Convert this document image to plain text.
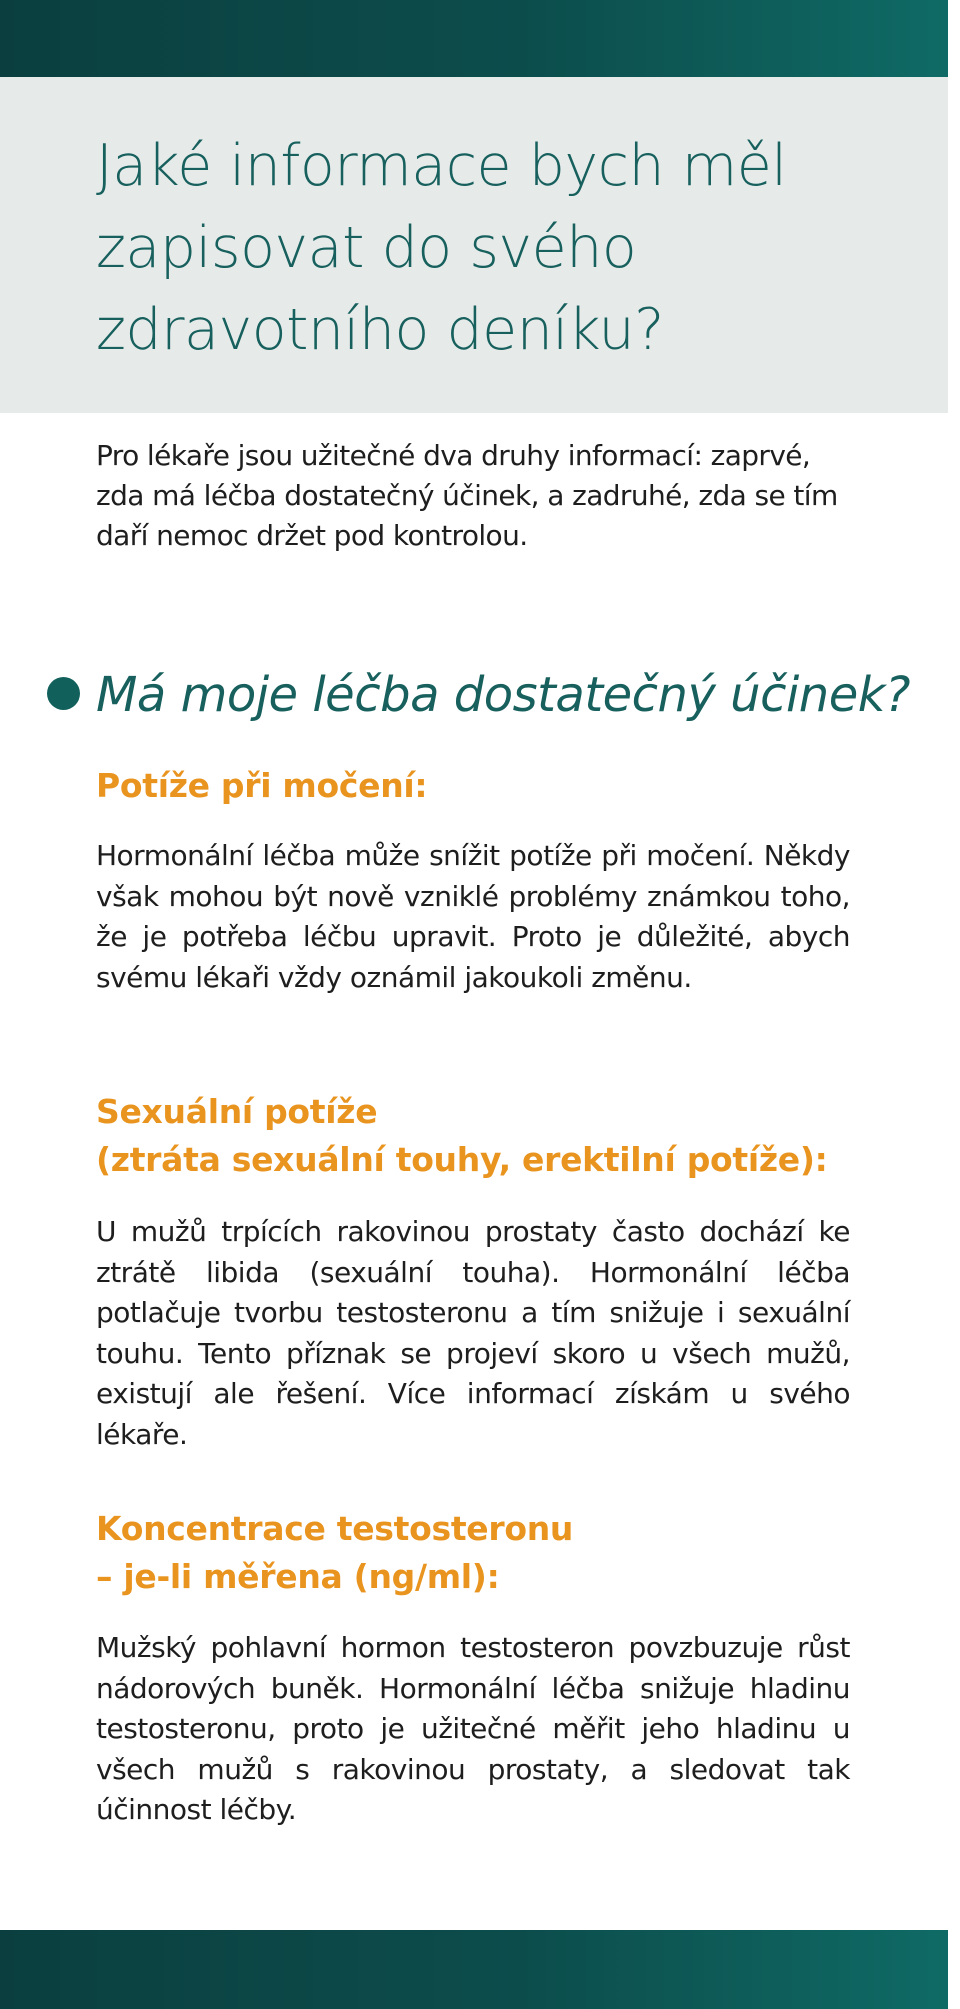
Jaké informace bych měl zapisovat do svého zdravotního deníku?

Pro lékaře jsou užitečné dva druhy informací: zaprvé, zda má léčba dostatečný účinek, a zadruhé, zda se tím daří nemoc držet pod kontrolou.

Má moje léčba dostatečný účinek?
Potíže při močení:

Hormonální léčba může snížit potíže při močení. Někdy však mohou být nově vzniklé problémy známkou toho, že je potřeba léčbu upravit. Proto je důležité, abych svému lékaři vždy oznámil jakoukoli změnu.

Sexuální potíže
(ztráta sexuální touhy, erektilní potíže):

U mužů trpících rakovinou prostaty často dochází ke ztrátě libida (sexuální touha). Hormonální léčba potlačuje tvorbu testosteronu a tím snižuje i sexuální touhu. Tento příznak se projeví skoro u všech mužů, existují ale řešení. Více informací získám u svého lékaře.

Koncentrace testosteronu
– je-li měřena (ng/ml):

Mužský pohlavní hormon testosteron povzbuzuje růst nádorových buněk. Hormonální léčba snižuje hladinu testosteronu, proto je užitečné měřit jeho hladinu u všech mužů s rakovinou prostaty, a sledovat tak účinnost léčby.
